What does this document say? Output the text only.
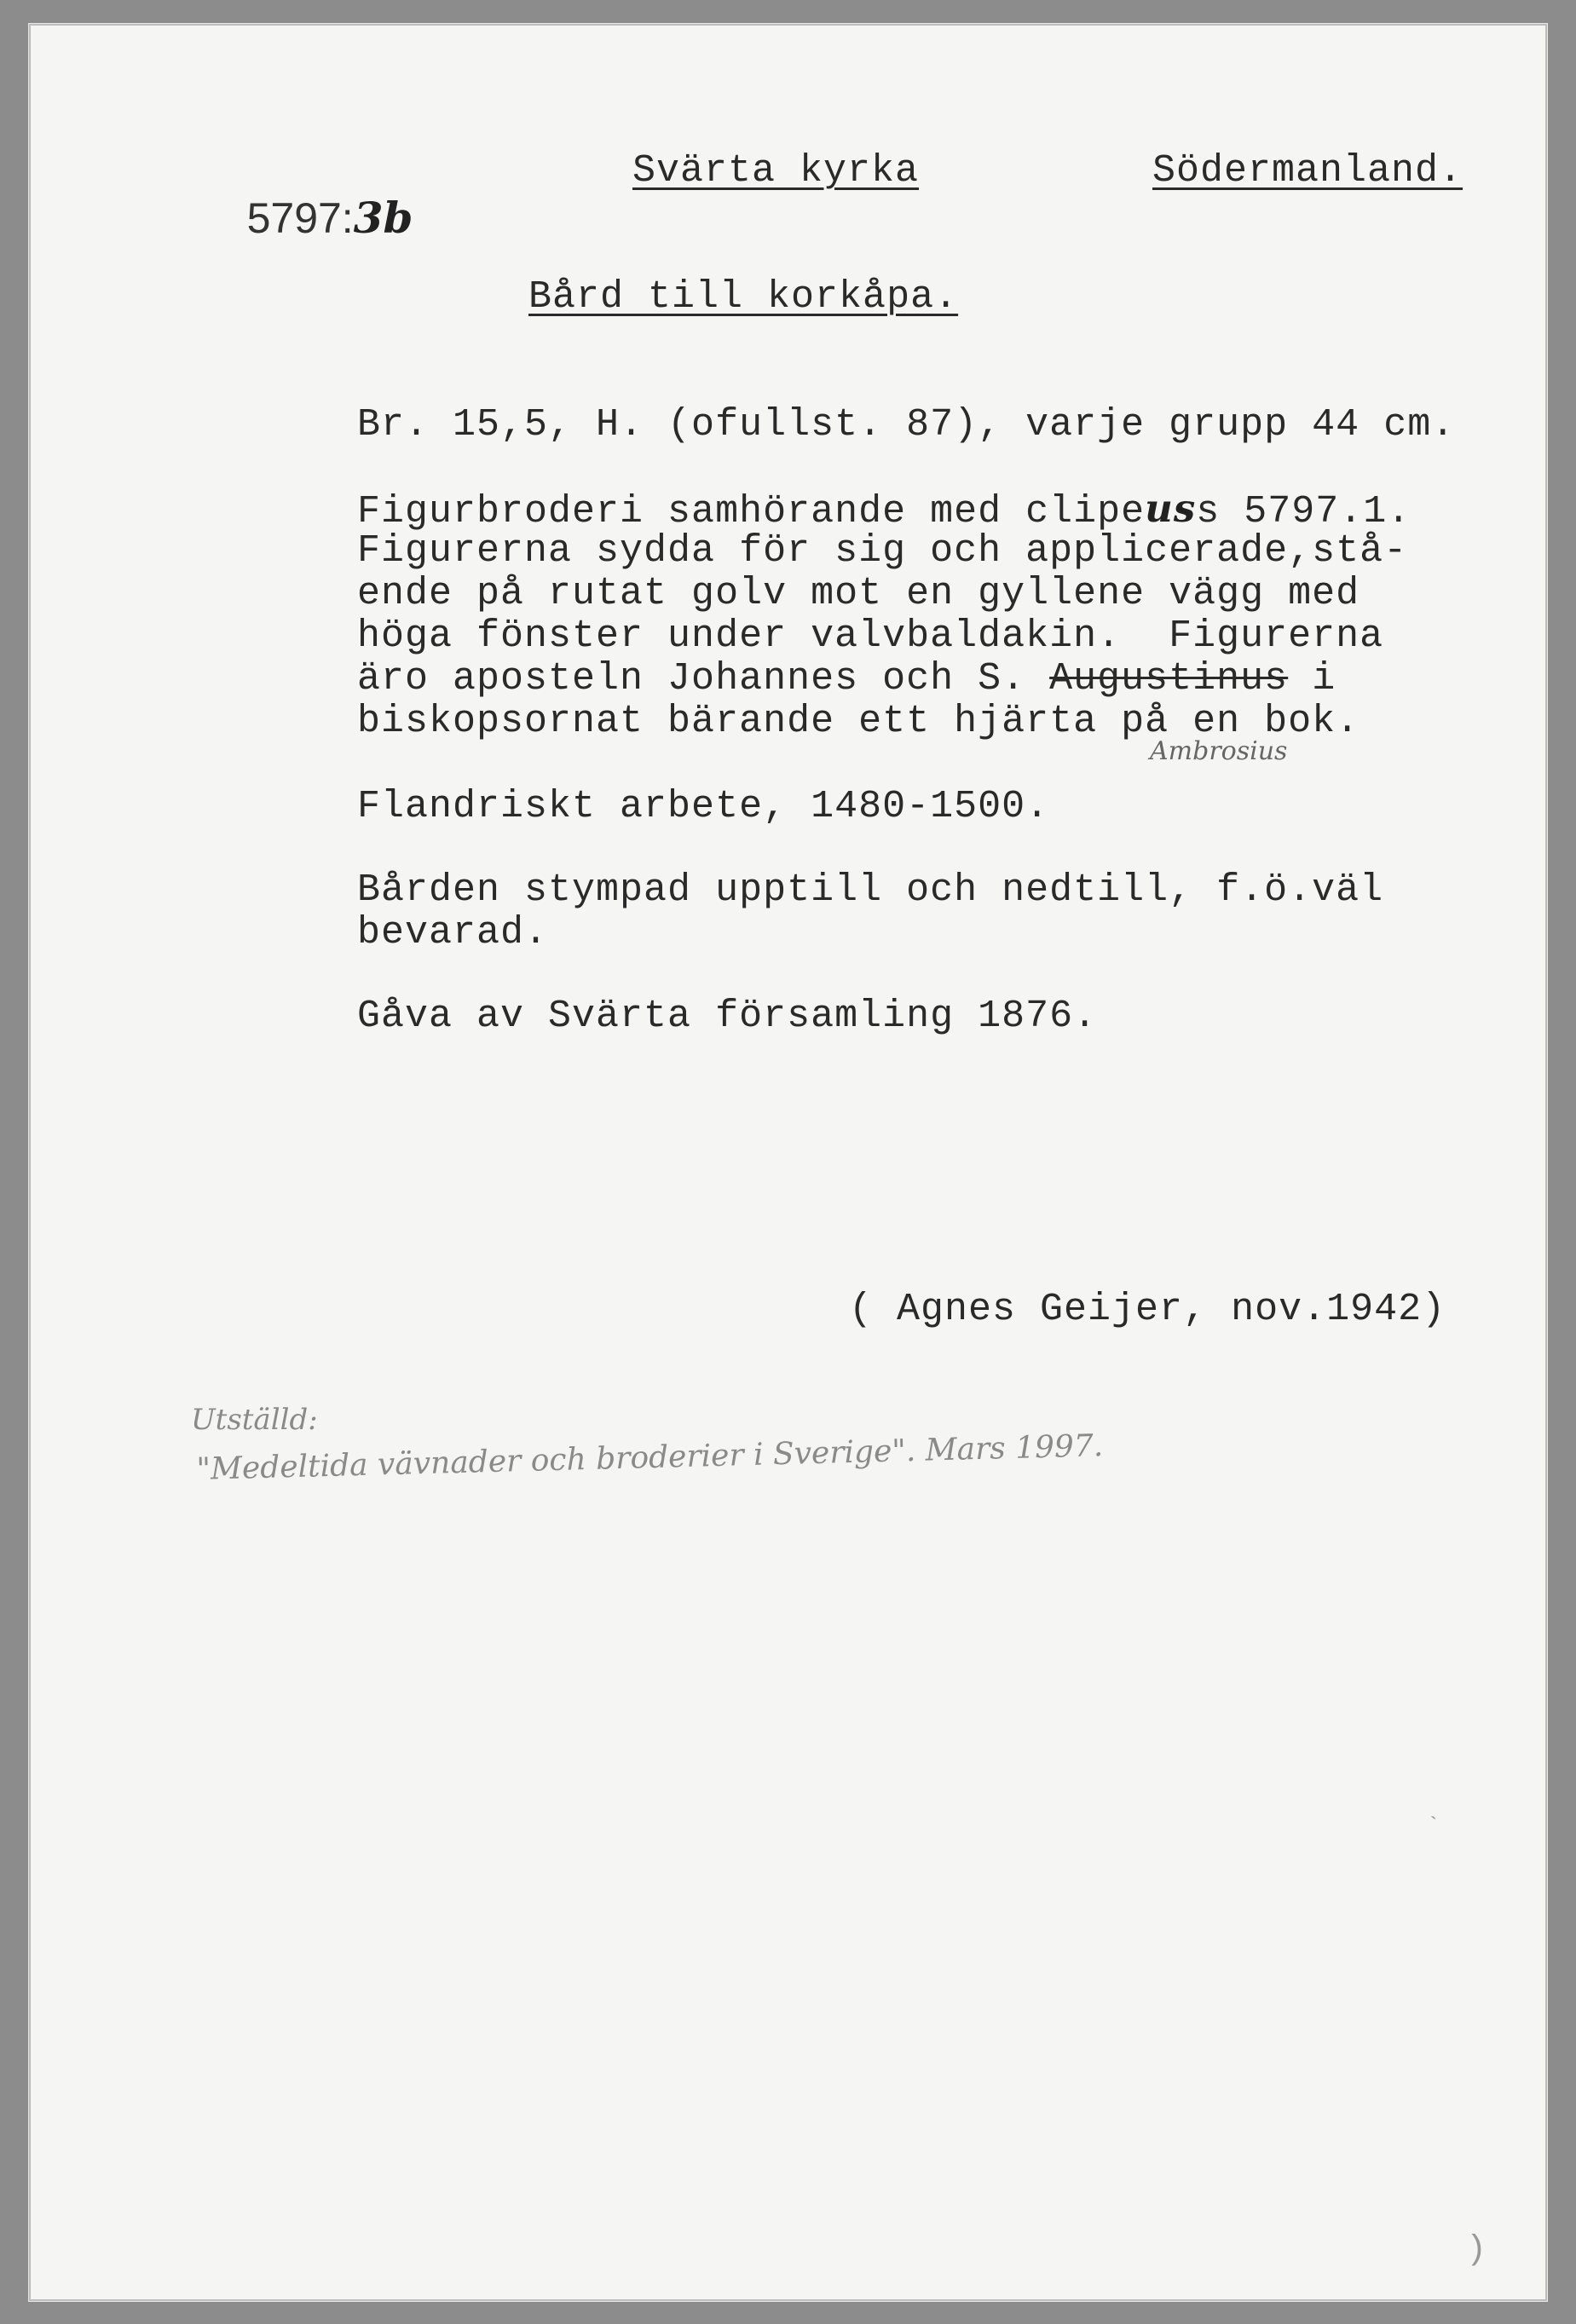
5797:3b

Svärta kyrka	Södermanland.
Bård till korkåpa.
Br. 15,5, H. (ofullst. 87), varje grupp 44 cm.
Figurbroderi samhörande med clipeuss 5797.1.
Figurerna sydda för sig och applicerade,stå-
ende på rutat golv mot en gyllene vägg med
höga fönster under valvbaldakin.  Figurerna
äro aposteln Johannes och S. Augustinus i
biskopsornat bärande ett hjärta på en bok.
Ambrosius
Flandriskt arbete, 1480-1500.
Bården stympad upptill och nedtill, f.ö.väl
bevarad.
Gåva av Svärta församling 1876.
( Agnes Geijer, nov.1942)
Utställd:
"Medeltida vävnader och broderier i Sverige". Mars 1997.
`
)
